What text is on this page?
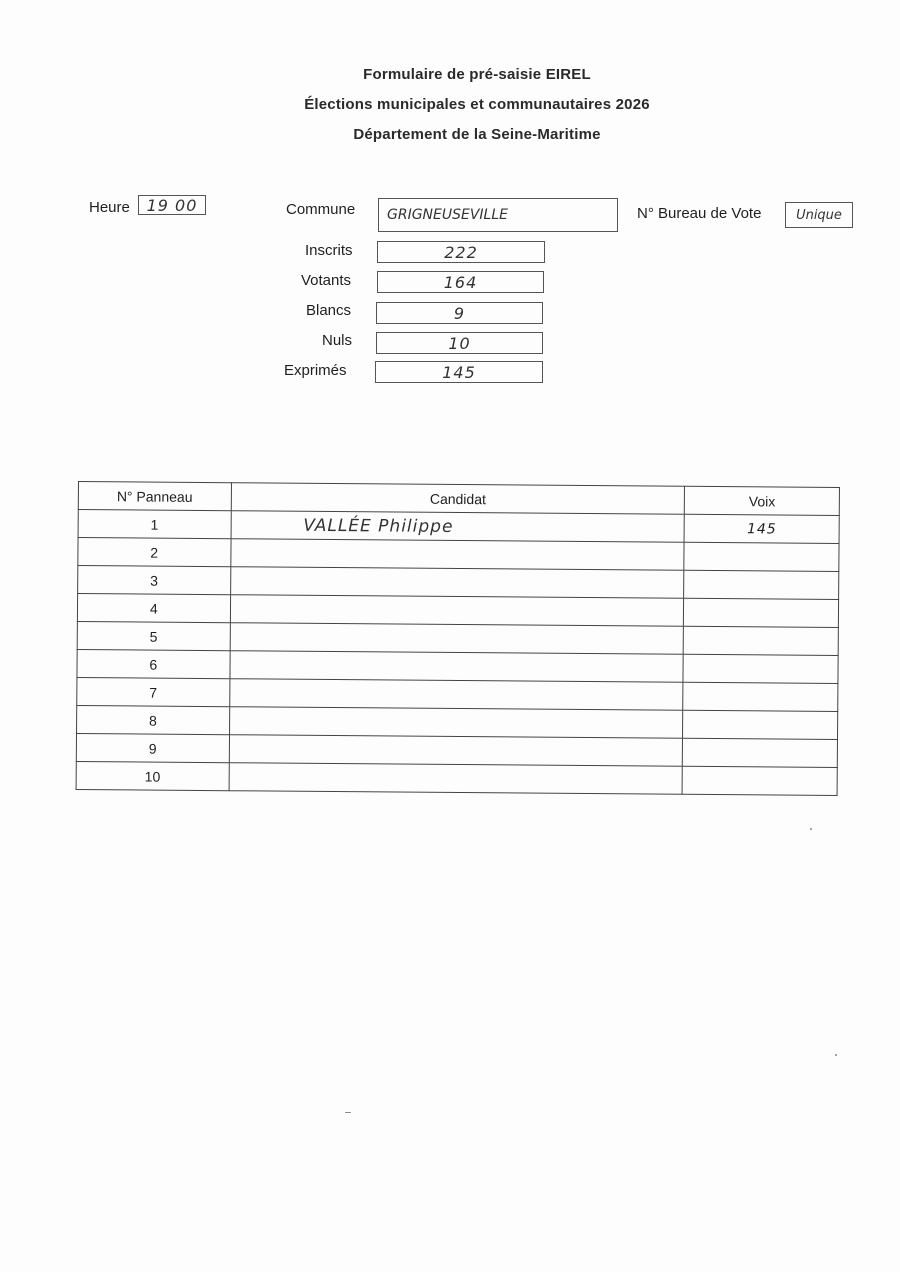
Formulaire de pré-saisie EIREL
Élections municipales et communautaires 2026
Département de la Seine-Maritime
Heure	19 00	Commune	GRIGNEUSEVILLE	N° Bureau de Vote	Unique
Inscrits	222
Votants	164
Blancs	9
Nuls	10
Exprimés	145
N° Panneau	Candidat	Voix
1	VALLÉE Philippe	145
2		
3		
4		
5		
6		
7		
8		
9		
10		
